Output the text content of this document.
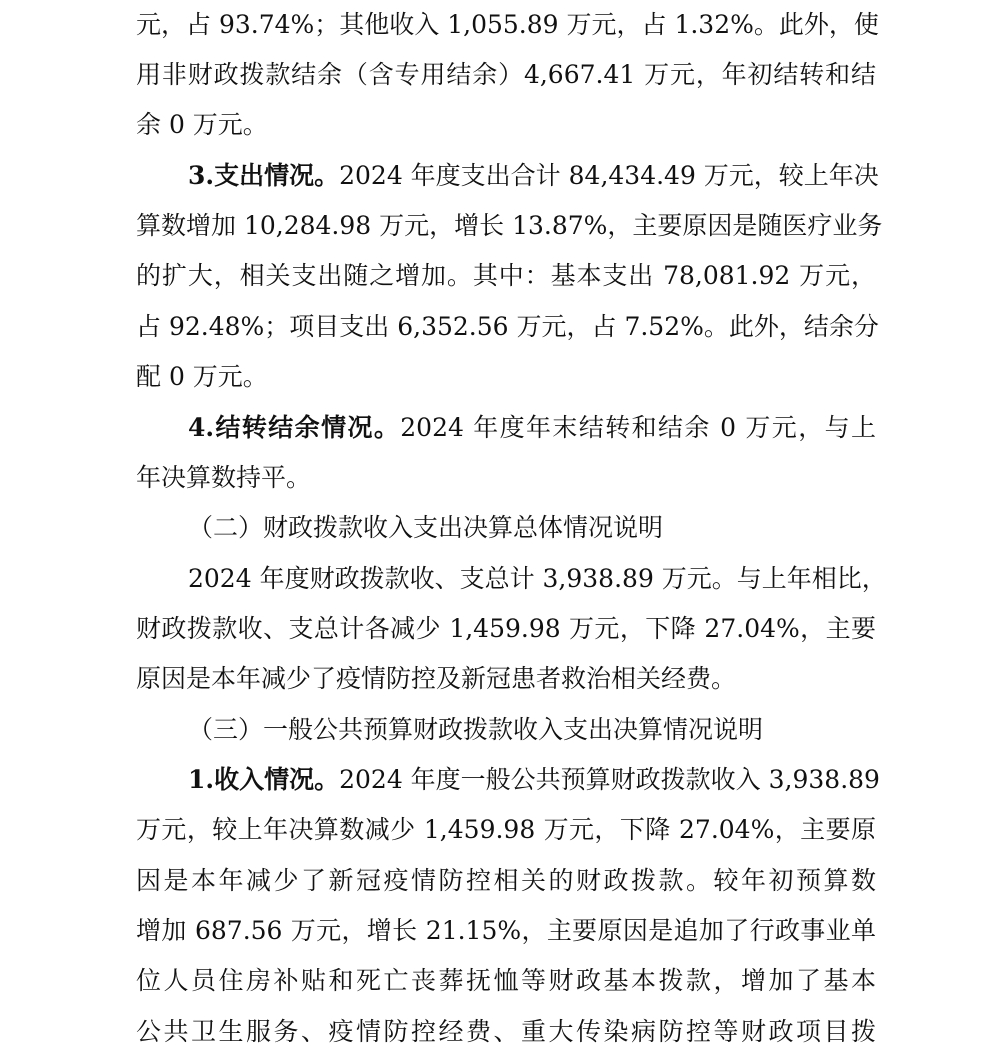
元，占 93.74%；其他收入 1,055.89 万元，占 1.32%。此外，使

用非财政拨款结余（含专用结余）4,667.41 万元，年初结转和结

余 0 万元。

3.支出情况。2024 年度支出合计 84,434.49 万元，较上年决

算数增加 10,284.98 万元，增长 13.87%，主要原因是随医疗业务

的扩大，相关支出随之增加。其中：基本支出 78,081.92 万元，

占 92.48%；项目支出 6,352.56 万元，占 7.52%。此外，结余分

配 0 万元。

4.结转结余情况。2024 年度年末结转和结余 0 万元，与上

年决算数持平。

（二）财政拨款收入支出决算总体情况说明

2024 年度财政拨款收、支总计 3,938.89 万元。与上年相比，

财政拨款收、支总计各减少 1,459.98 万元，下降 27.04%，主要

原因是本年减少了疫情防控及新冠患者救治相关经费。

（三）一般公共预算财政拨款收入支出决算情况说明

1.收入情况。2024 年度一般公共预算财政拨款收入 3,938.89

万元，较上年决算数减少 1,459.98 万元，下降 27.04%，主要原

因是本年减少了新冠疫情防控相关的财政拨款。较年初预算数

增加 687.56 万元，增长 21.15%，主要原因是追加了行政事业单

位人员住房补贴和死亡丧葬抚恤等财政基本拨款，增加了基本

公共卫生服务、疫情防控经费、重大传染病防控等财政项目拨
